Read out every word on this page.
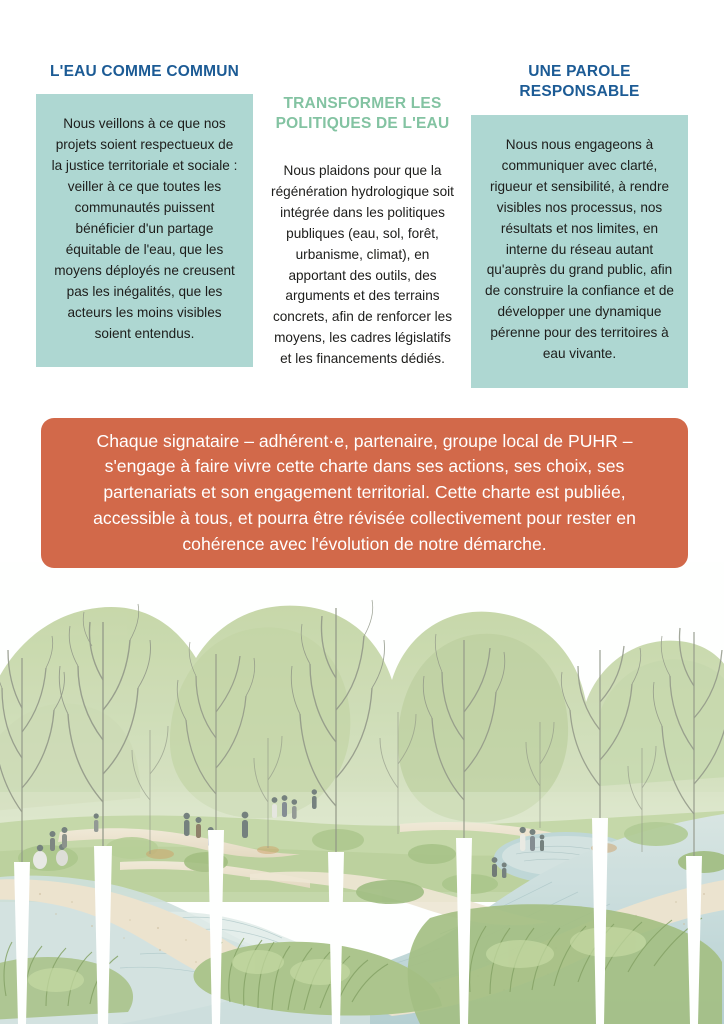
L'EAU COMME COMMUN
Nous veillons à ce que nos projets soient respectueux de la justice territoriale et sociale : veiller à ce que toutes les communautés puissent bénéficier d'un partage équitable de l'eau, que les moyens déployés ne creusent pas les inégalités, que les acteurs les moins visibles soient entendus.
TRANSFORMER LES POLITIQUES DE L'EAU
Nous plaidons pour que la régénération hydrologique soit intégrée dans les politiques publiques (eau, sol, forêt, urbanisme, climat), en apportant des outils, des arguments et des terrains concrets, afin de renforcer les moyens, les cadres législatifs et les financements dédiés.
UNE PAROLE RESPONSABLE
Nous nous engageons à communiquer avec clarté, rigueur et sensibilité, à rendre visibles nos processus, nos résultats et nos limites, en interne du réseau autant qu'auprès du grand public, afin de construire la confiance et de développer une dynamique pérenne pour des territoires à eau vivante.
Chaque signataire – adhérent·e, partenaire, groupe local de PUHR – s'engage à faire vivre cette charte dans ses actions, ses choix, ses partenariats et son engagement territorial. Cette charte est publiée, accessible à tous, et pourra être révisée collectivement pour rester en cohérence avec l'évolution de notre démarche.
